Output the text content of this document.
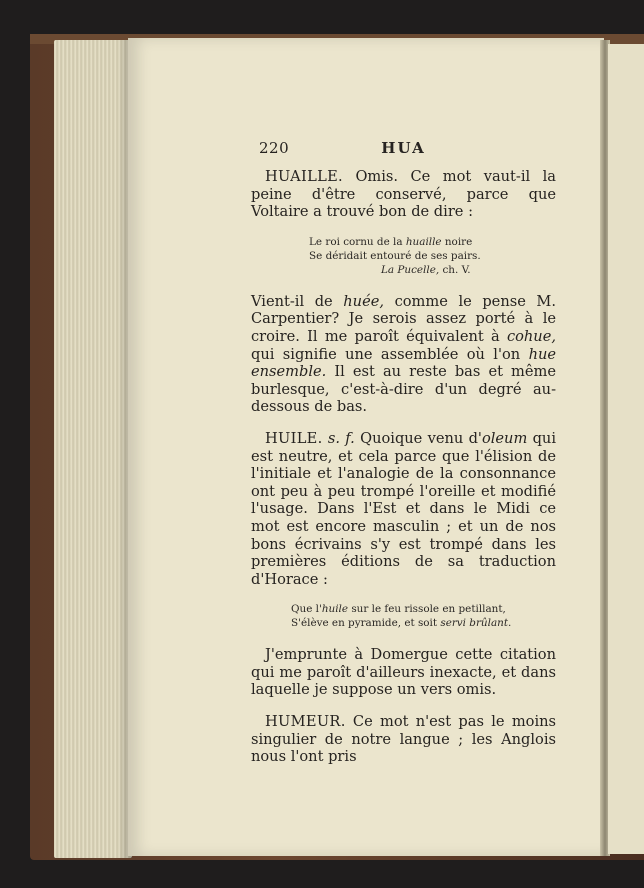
220	HUA

HUAILLE. Omis. Ce mot vaut-il la peine d'être conservé, parce que Voltaire a trouvé bon de dire :

Le roi cornu de la huaille noire
Se déridait entouré de ses pairs.
La Pucelle, ch. V.

Vient-il de huée, comme le pense M. Carpentier? Je serois assez porté à le croire. Il me paroît équivalent à cohue, qui signifie une assemblée où l'on hue ensemble. Il est au reste bas et même burlesque, c'est-à-dire d'un degré au-dessous de bas.

HUILE. s. f. Quoique venu d'oleum qui est neutre, et cela parce que l'élision de l'initiale et l'analogie de la consonnance ont peu à peu trompé l'oreille et modifié l'usage. Dans l'Est et dans le Midi ce mot est encore masculin ; et un de nos bons écrivains s'y est trompé dans les premières éditions de sa traduction d'Horace :

Que l'huile sur le feu rissole en petillant,
S'élève en pyramide, et soit servi brûlant.

J'emprunte à Domergue cette citation qui me paroît d'ailleurs inexacte, et dans laquelle je suppose un vers omis.

HUMEUR. Ce mot n'est pas le moins singulier de notre langue ; les Anglois nous l'ont pris
